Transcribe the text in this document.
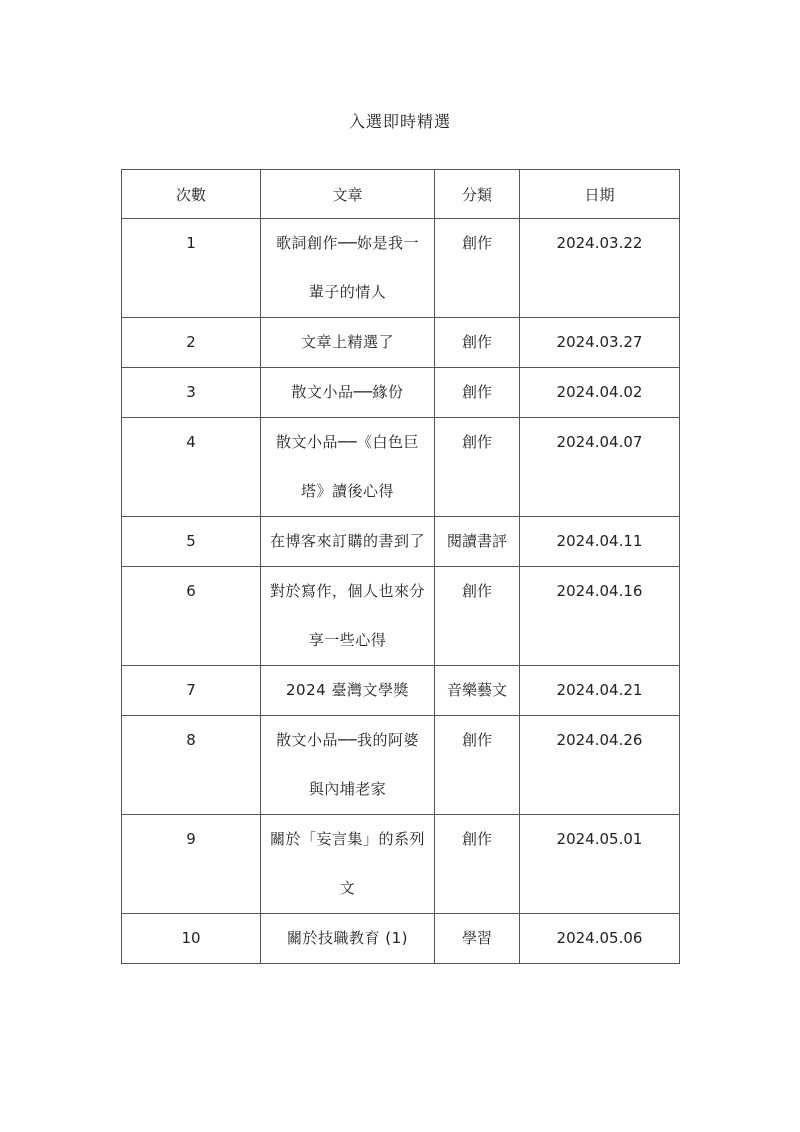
入選即時精選
次數	文章	分類	日期
1	歌詞創作──妳是我一輩子的情人	創作	2024.03.22
2	文章上精選了	創作	2024.03.27
3	散文小品──緣份	創作	2024.04.02
4	散文小品──《白色巨塔》讀後心得	創作	2024.04.07
5	在博客來訂購的書到了	閱讀書評	2024.04.11
6	對於寫作，個人也來分享一些心得	創作	2024.04.16
7	2024 臺灣文學獎	音樂藝文	2024.04.21
8	散文小品──我的阿婆與內埔老家	創作	2024.04.26
9	關於「妄言集」的系列文	創作	2024.05.01
10	關於技職教育 (1)	學習	2024.05.06
